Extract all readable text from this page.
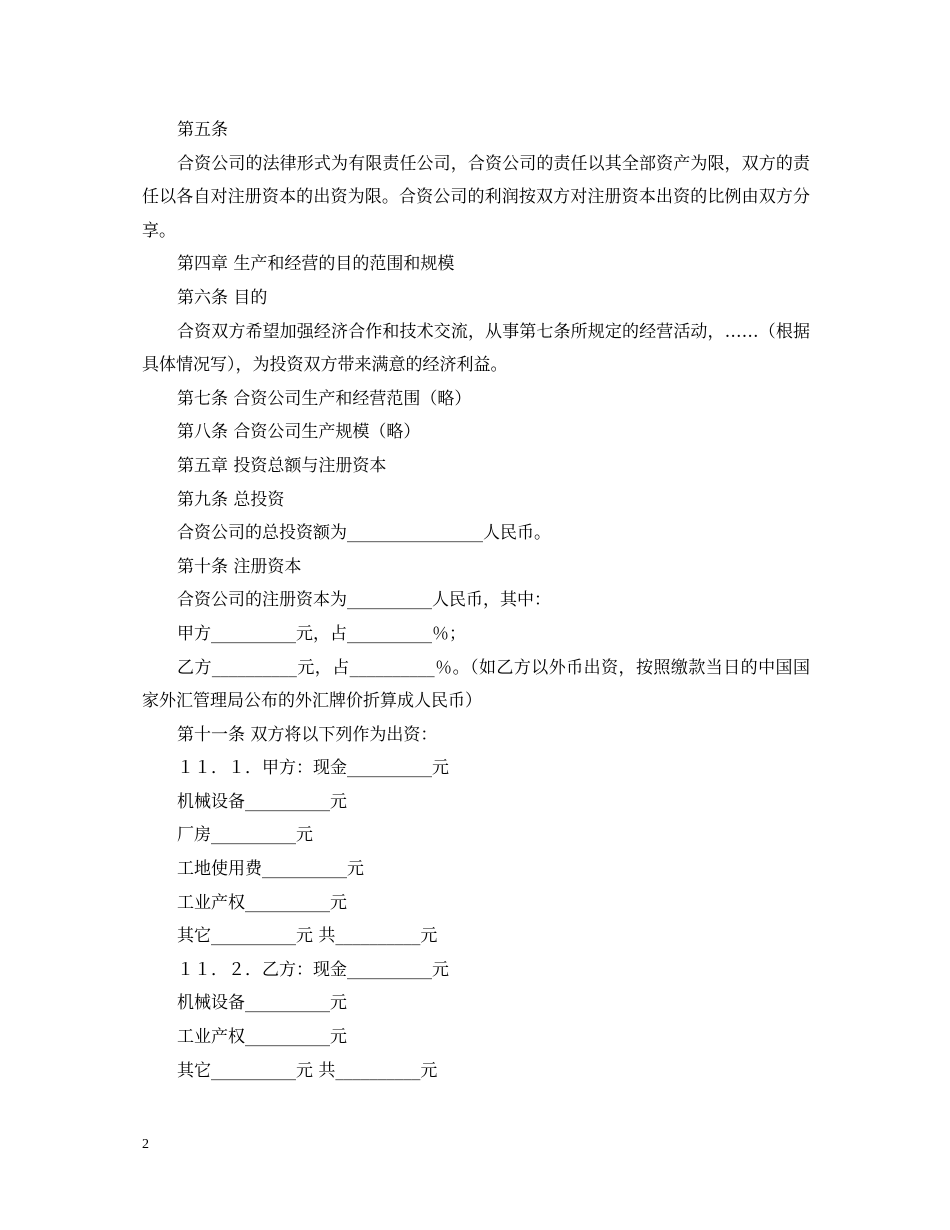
第五条

合资公司的法律形式为有限责任公司，合资公司的责任以其全部资产为限，双方的责任以各自对注册资本的出资为限。合资公司的利润按双方对注册资本出资的比例由双方分享。

第四章 生产和经营的目的范围和规模

第六条 目的

合资双方希望加强经济合作和技术交流，从事第七条所规定的经营活动，……（根据具体情况写），为投资双方带来满意的经济利益。

第七条 合资公司生产和经营范围（略）

第八条 合资公司生产规模（略）

第五章 投资总额与注册资本

第九条 总投资

合资公司的总投资额为________________人民币。

第十条 注册资本

合资公司的注册资本为__________人民币，其中：

甲方__________元，占__________％；

乙方__________元，占__________％。（如乙方以外币出资，按照缴款当日的中国国家外汇管理局公布的外汇牌价折算成人民币）

第十一条 双方将以下列作为出资：

１１．１．甲方：现金__________元

机械设备__________元

厂房__________元

工地使用费__________元

工业产权__________元

其它__________元 共__________元

１１．２．乙方：现金__________元

机械设备__________元

工业产权__________元

其它__________元 共__________元

2
